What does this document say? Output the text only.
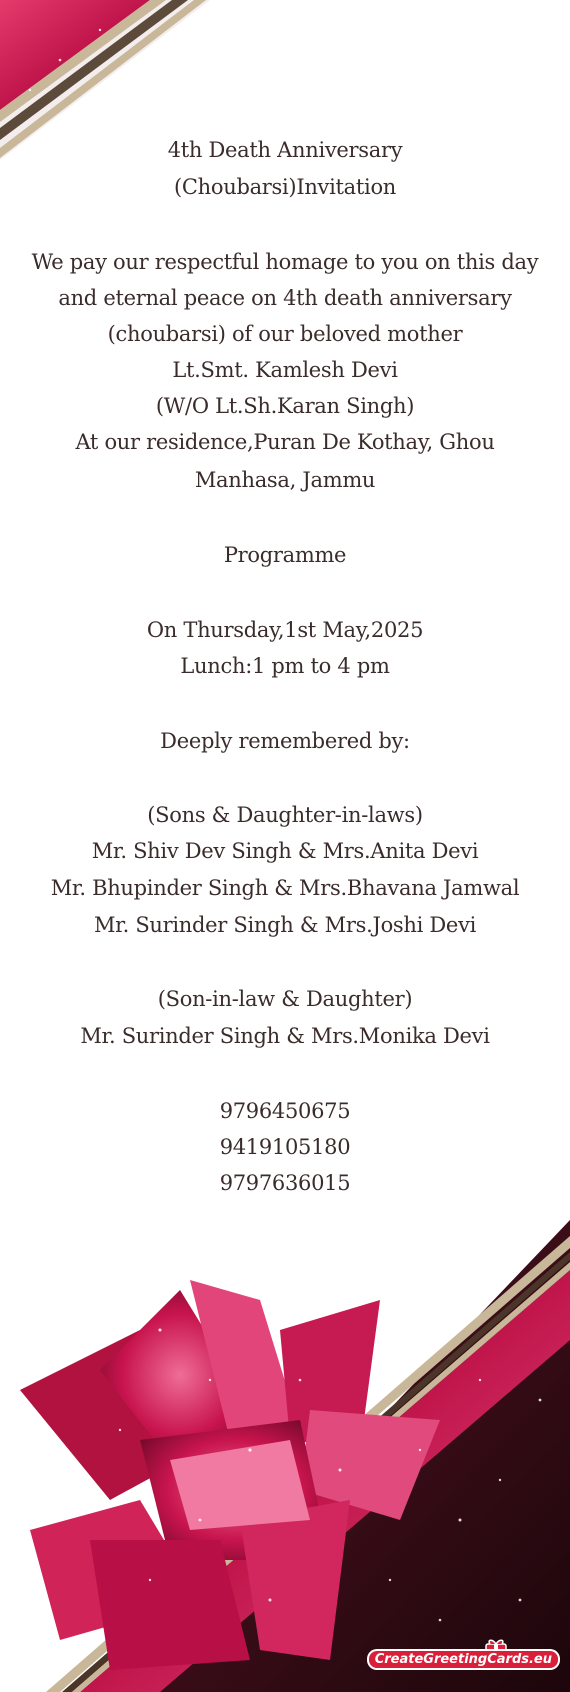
4th Death Anniversary
(Choubarsi)Invitation
We pay our respectful homage to you on this day
and eternal peace on 4th death anniversary
(choubarsi) of our beloved mother
Lt.Smt. Kamlesh Devi
(W/O Lt.Sh.Karan Singh)
At our residence,Puran De Kothay, Ghou
Manhasa, Jammu
Programme
On Thursday,1st May,2025
Lunch:1 pm to 4 pm
Deeply remembered by:
(Sons & Daughter-in-laws)
Mr. Shiv Dev Singh & Mrs.Anita Devi
Mr. Bhupinder Singh & Mrs.Bhavana Jamwal
Mr. Surinder Singh & Mrs.Joshi Devi
(Son-in-law & Daughter)
Mr. Surinder Singh & Mrs.Monika Devi
9796450675
9419105180
9797636015
CreateGreetingCards.eu
